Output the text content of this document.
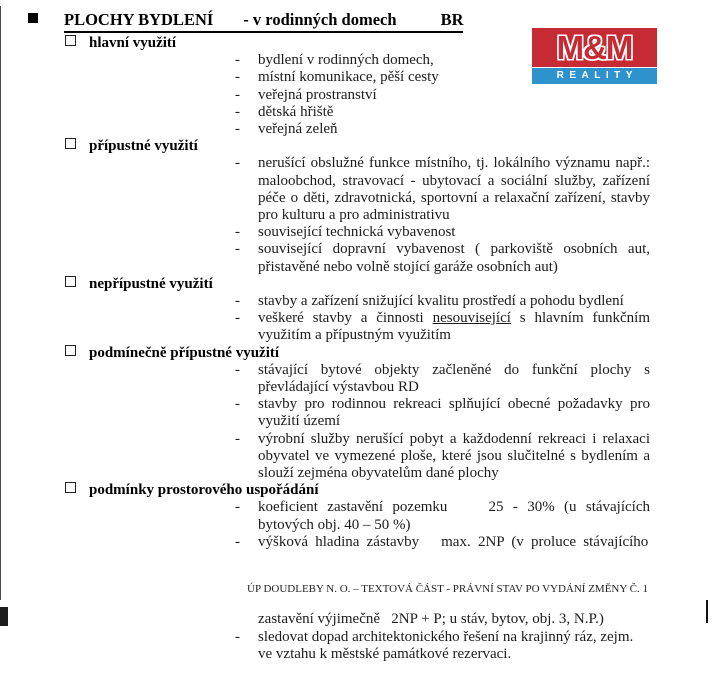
PLOCHY BYDLENÍ - v rodinných domech	BR
M&M
REALITY
hlavní využití
-	bydlení v rodinných domech,
-	místní komunikace, pěší cesty
-	veřejná prostranství
-	dětská hřiště
-	veřejná zeleň
přípustné využití
-	nerušící obslužné funkce místního, tj. lokálního významu např.: maloobchod, stravovací - ubytovací a sociální služby, zařízení péče o děti, zdravotnická, sportovní a relaxační zařízení, stavby pro kulturu a pro administrativu
-	související technická vybavenost
-	související dopravní vybavenost ( parkoviště osobních aut, přistavěné nebo volně stojící garáže osobních aut)
nepřípustné využití
-	stavby a zařízení snižující kvalitu prostředí a pohodu bydlení
-	veškeré stavby a činnosti nesouvisející s hlavním funkčním využitím a přípustným využitím
podmínečně přípustné využití
-	stávající bytové objekty začleněné do funkční plochy s převládající výstavbou RD
-	stavby pro rodinnou rekreaci splňující obecné požadavky pro využití území
-	výrobní služby nerušící pobyt a každodenní rekreaci i relaxaci obyvatel ve vymezené ploše, které jsou slučitelné s bydlením a slouží zejména obyvatelům dané plochy
podmínky prostorového uspořádání
-	koeficient zastavění pozemku    25 - 30% (u stávajících bytových obj. 40 – 50 %)
-	výšková hladina zástavby   max. 2NP (v proluce stávajícího
ÚP DOUDLEBY N. O. – TEXTOVÁ ČÁST - PRÁVNÍ STAV PO VYDÁNÍ ZMĚNY Č. 1
zastavění výjimečně  2NP + P; u stáv, bytov, obj. 3, N.P.)
-	sledovat dopad architektonického řešení na krajinný ráz, zejm. ve vztahu k městské památkové rezervaci.
